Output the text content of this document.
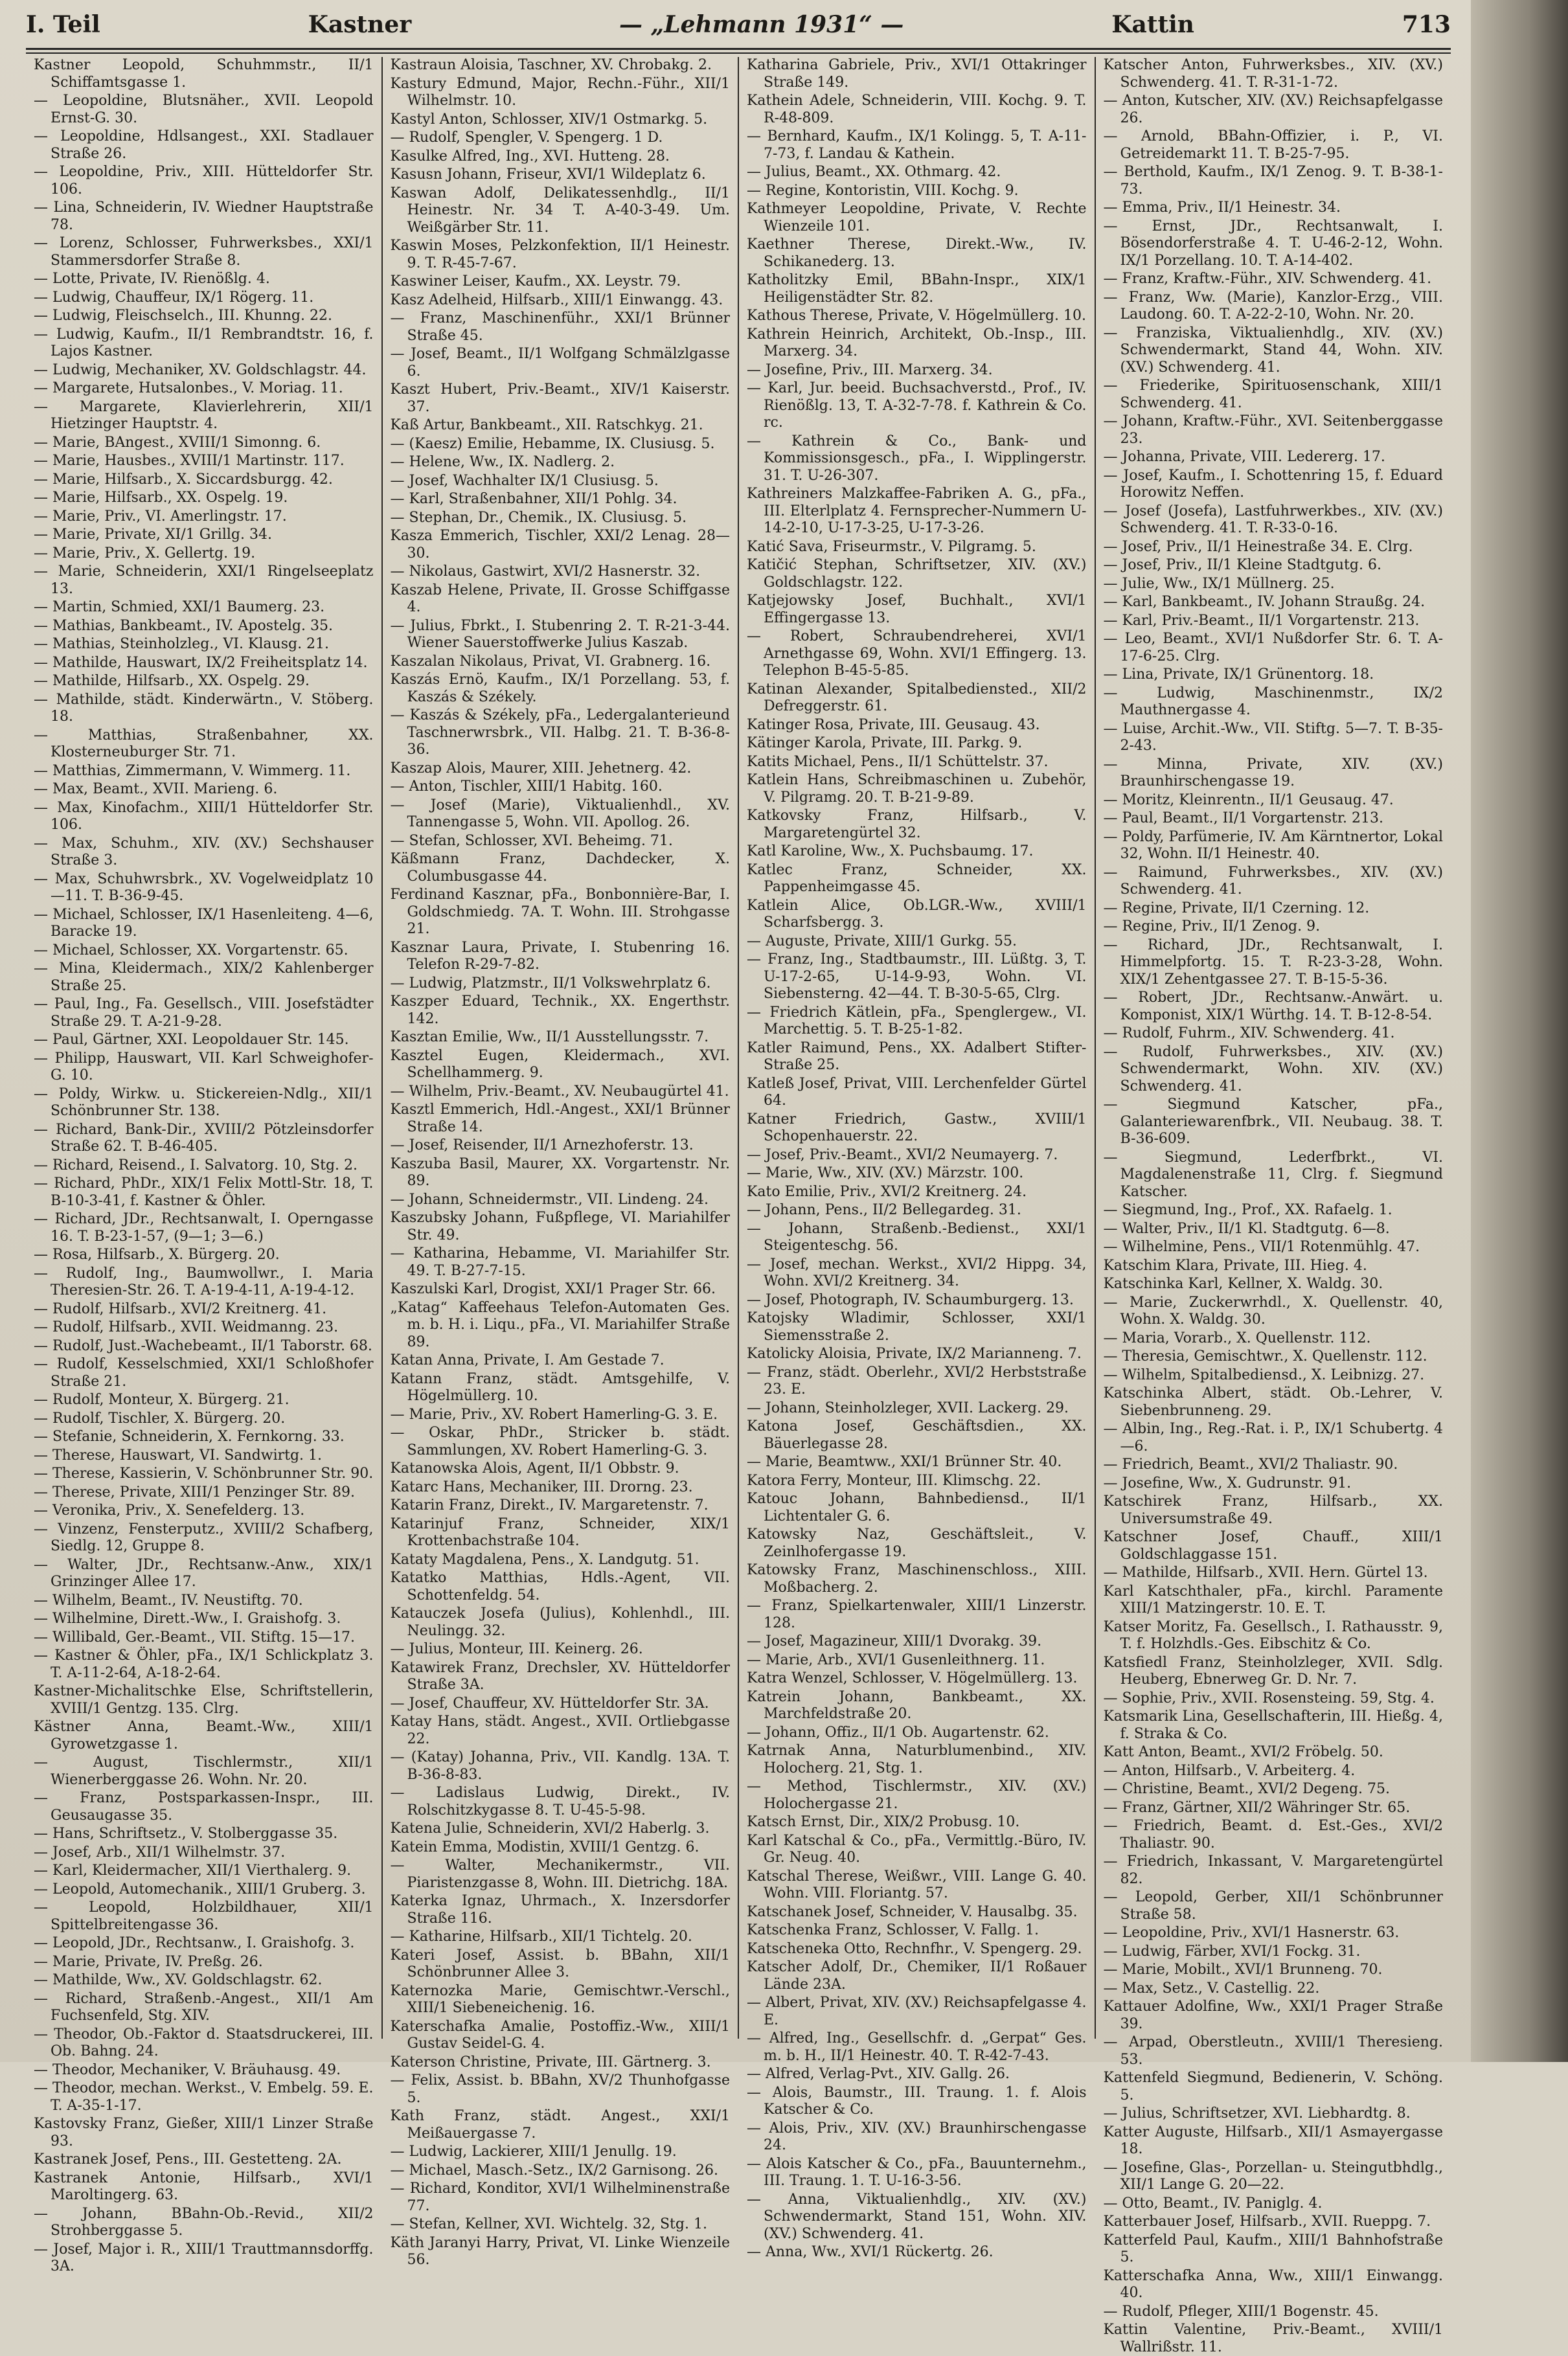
I. Teil	Kastner	— „Lehmann 1931“ —	Kattin	713
Kastner Leopold, Schuhmmstr., II/1 Schiffamtsgasse 1.
— Leopoldine, Blutsnäher., XVII. Leopold Ernst-G. 30.
— Leopoldine, Hdlsangest., XXI. Stadlauer Straße 26.
— Leopoldine, Priv., XIII. Hütteldorfer Str. 106.
— Lina, Schneiderin, IV. Wiedner Hauptstraße 78.
— Lorenz, Schlosser, Fuhrwerksbes., XXI/1 Stammersdorfer Straße 8.
— Lotte, Private, IV. Rienößlg. 4.
— Ludwig, Chauffeur, IX/1 Rögerg. 11.
— Ludwig, Fleischselch., III. Khunng. 22.
— Ludwig, Kaufm., II/1 Rembrandtstr. 16, f. Lajos Kastner.
— Ludwig, Mechaniker, XV. Goldschlagstr. 44.
— Margarete, Hutsalonbes., V. Moriag. 11.
— Margarete, Klavierlehrerin, XII/1 Hietzinger Hauptstr. 4.
— Marie, BAngest., XVIII/1 Simonng. 6.
— Marie, Hausbes., XVIII/1 Martinstr. 117.
— Marie, Hilfsarb., X. Siccardsburgg. 42.
— Marie, Hilfsarb., XX. Ospelg. 19.
— Marie, Priv., VI. Amerlingstr. 17.
— Marie, Private, XI/1 Grillg. 34.
— Marie, Priv., X. Gellertg. 19.
— Marie, Schneiderin, XXI/1 Ringelseeplatz 13.
— Martin, Schmied, XXI/1 Baumerg. 23.
— Mathias, Bankbeamt., IV. Apostelg. 35.
— Mathias, Steinholzleg., VI. Klausg. 21.
— Mathilde, Hauswart, IX/2 Freiheitsplatz 14.
— Mathilde, Hilfsarb., XX. Ospelg. 29.
— Mathilde, städt. Kinderwärtn., V. Stöberg. 18.
— Matthias, Straßenbahner, XX. Klosterneuburger Str. 71.
— Matthias, Zimmermann, V. Wimmerg. 11.
— Max, Beamt., XVII. Marieng. 6.
— Max, Kinofachm., XIII/1 Hütteldorfer Str. 106.
— Max, Schuhm., XIV. (XV.) Sechshauser Straße 3.
— Max, Schuhwrsbrk., XV. Vogelweidplatz 10—11. T. B-36-9-45.
— Michael, Schlosser, IX/1 Hasenleiteng. 4—6, Baracke 19.
— Michael, Schlosser, XX. Vorgartenstr. 65.
— Mina, Kleidermach., XIX/2 Kahlenberger Straße 25.
— Paul, Ing., Fa. Gesellsch., VIII. Josefstädter Straße 29. T. A-21-9-28.
— Paul, Gärtner, XXI. Leopoldauer Str. 145.
— Philipp, Hauswart, VII. Karl Schweighofer-G. 10.
— Poldy, Wirkw. u. Stickereien-Ndlg., XII/1 Schönbrunner Str. 138.
— Richard, Bank-Dir., XVIII/2 Pötzleinsdorfer Straße 62. T. B-46-405.
— Richard, Reisend., I. Salvatorg. 10, Stg. 2.
— Richard, PhDr., XIX/1 Felix Mottl-Str. 18, T. B-10-3-41, f. Kastner & Öhler.
— Richard, JDr., Rechtsanwalt, I. Operngasse 16. T. B-23-1-57, (9—1; 3—6.)
— Rosa, Hilfsarb., X. Bürgerg. 20.
— Rudolf, Ing., Baumwollwr., I. Maria Theresien-Str. 26. T. A-19-4-11, A-19-4-12.
— Rudolf, Hilfsarb., XVI/2 Kreitnerg. 41.
— Rudolf, Hilfsarb., XVII. Weidmanng. 23.
— Rudolf, Just.-Wachebeamt., II/1 Taborstr. 68.
— Rudolf, Kesselschmied, XXI/1 Schloßhofer Straße 21.
— Rudolf, Monteur, X. Bürgerg. 21.
— Rudolf, Tischler, X. Bürgerg. 20.
— Stefanie, Schneiderin, X. Fernkorng. 33.
— Therese, Hauswart, VI. Sandwirtg. 1.
— Therese, Kassierin, V. Schönbrunner Str. 90.
— Therese, Private, XIII/1 Penzinger Str. 89.
— Veronika, Priv., X. Senefelderg. 13.
— Vinzenz, Fensterputz., XVIII/2 Schafberg, Siedlg. 12, Gruppe 8.
— Walter, JDr., Rechtsanw.-Anw., XIX/1 Grinzinger Allee 17.
— Wilhelm, Beamt., IV. Neustiftg. 70.
— Wilhelmine, Dirett.-Ww., I. Graishofg. 3.
— Willibald, Ger.-Beamt., VII. Stiftg. 15—17.
— Kastner & Öhler, pFa., IX/1 Schlickplatz 3. T. A-11-2-64, A-18-2-64.
Kastner-Michalitschke Else, Schriftstellerin, XVIII/1 Gentzg. 135. Clrg.
Kästner Anna, Beamt.-Ww., XIII/1 Gyrowetzgasse 1.
— August, Tischlermstr., XII/1 Wienerberggasse 26. Wohn. Nr. 20.
— Franz, Postsparkassen-Inspr., III. Geusaugasse 35.
— Hans, Schriftsetz., V. Stolberggasse 35.
— Josef, Arb., XII/1 Wilhelmstr. 37.
— Karl, Kleidermacher, XII/1 Vierthalerg. 9.
— Leopold, Automechanik., XIII/1 Gruberg. 3.
— Leopold, Holzbildhauer, XII/1 Spittelbreitengasse 36.
— Leopold, JDr., Rechtsanw., I. Graishofg. 3.
— Marie, Private, IV. Preßg. 26.
— Mathilde, Ww., XV. Goldschlagstr. 62.
— Richard, Straßenb.-Angest., XII/1 Am Fuchsenfeld, Stg. XIV.
— Theodor, Ob.-Faktor d. Staatsdruckerei, III. Ob. Bahng. 24.
— Theodor, Mechaniker, V. Bräuhausg. 49.
— Theodor, mechan. Werkst., V. Embelg. 59. E. T. A-35-1-17.
Kastovsky Franz, Gießer, XIII/1 Linzer Straße 93.
Kastranek Josef, Pens., III. Gestetteng. 2A.
Kastranek Antonie, Hilfsarb., XVI/1 Maroltingerg. 63.
— Johann, BBahn-Ob.-Revid., XII/2 Strohberggasse 5.
— Josef, Major i. R., XIII/1 Trauttmannsdorffg. 3A.
Kastraun Aloisia, Taschner, XV. Chrobakg. 2.
Kastury Edmund, Major, Rechn.-Führ., XII/1 Wilhelmstr. 10.
Kastyl Anton, Schlosser, XIV/1 Ostmarkg. 5.
— Rudolf, Spengler, V. Spengerg. 1 D.
Kasulke Alfred, Ing., XVI. Hutteng. 28.
Kasusn Johann, Friseur, XVI/1 Wildeplatz 6.
Kaswan Adolf, Delikatessenhdlg., II/1 Heinestr. Nr. 34 T. A-40-3-49. Um. Weißgärber Str. 11.
Kaswin Moses, Pelzkonfektion, II/1 Heinestr. 9. T. R-45-7-67.
Kaswiner Leiser, Kaufm., XX. Leystr. 79.
Kasz Adelheid, Hilfsarb., XIII/1 Einwangg. 43.
— Franz, Maschinenführ., XXI/1 Brünner Straße 45.
— Josef, Beamt., II/1 Wolfgang Schmälzlgasse 6.
Kaszt Hubert, Priv.-Beamt., XIV/1 Kaiserstr. 37.
Kaß Artur, Bankbeamt., XII. Ratschkyg. 21.
— (Kaesz) Emilie, Hebamme, IX. Clusiusg. 5.
— Helene, Ww., IX. Nadlerg. 2.
— Josef, Wachhalter IX/1 Clusiusg. 5.
— Karl, Straßenbahner, XII/1 Pohlg. 34.
— Stephan, Dr., Chemik., IX. Clusiusg. 5.
Kasza Emmerich, Tischler, XXI/2 Lenag. 28—30.
— Nikolaus, Gastwirt, XVI/2 Hasnerstr. 32.
Kaszab Helene, Private, II. Grosse Schiffgasse 4.
— Julius, Fbrkt., I. Stubenring 2. T. R-21-3-44. Wiener Sauerstoffwerke Julius Kaszab.
Kaszalan Nikolaus, Privat, VI. Grabnerg. 16.
Kaszás Ernö, Kaufm., IX/1 Porzellang. 53, f. Kaszás & Székely.
— Kaszás & Székely, pFa., Ledergalanterieund Taschnerwrsbrk., VII. Halbg. 21. T. B-36-8-36.
Kaszap Alois, Maurer, XIII. Jehetnerg. 42.
— Anton, Tischler, XIII/1 Habitg. 160.
— Josef (Marie), Viktualienhdl., XV. Tannengasse 5, Wohn. VII. Apollog. 26.
— Stefan, Schlosser, XVI. Beheimg. 71.
Käßmann Franz, Dachdecker, X. Columbusgasse 44.
Ferdinand Kasznar, pFa., Bonbonnière-Bar, I. Goldschmiedg. 7A. T. Wohn. III. Strohgasse 21.
Kasznar Laura, Private, I. Stubenring 16. Telefon R-29-7-82.
— Ludwig, Platzmstr., II/1 Volkswehrplatz 6.
Kaszper Eduard, Technik., XX. Engerthstr. 142.
Kasztan Emilie, Ww., II/1 Ausstellungsstr. 7.
Kasztel Eugen, Kleidermach., XVI. Schellhammerg. 9.
— Wilhelm, Priv.-Beamt., XV. Neubaugürtel 41.
Kasztl Emmerich, Hdl.-Angest., XXI/1 Brünner Straße 14.
— Josef, Reisender, II/1 Arnezhoferstr. 13.
Kaszuba Basil, Maurer, XX. Vorgartenstr. Nr. 89.
— Johann, Schneidermstr., VII. Lindeng. 24.
Kaszubsky Johann, Fußpflege, VI. Mariahilfer Str. 49.
— Katharina, Hebamme, VI. Mariahilfer Str. 49. T. B-27-7-15.
Kaszulski Karl, Drogist, XXI/1 Prager Str. 66.
„Katag“ Kaffeehaus Telefon-Automaten Ges. m. b. H. i. Liqu., pFa., VI. Mariahilfer Straße 89.
Katan Anna, Private, I. Am Gestade 7.
Katann Franz, städt. Amtsgehilfe, V. Högelmüllerg. 10.
— Marie, Priv., XV. Robert Hamerling-G. 3. E.
— Oskar, PhDr., Stricker b. städt. Sammlungen, XV. Robert Hamerling-G. 3.
Katanowska Alois, Agent, II/1 Obbstr. 9.
Katarc Hans, Mechaniker, III. Drorng. 23.
Katarin Franz, Direkt., IV. Margaretenstr. 7.
Katarinjuf Franz, Schneider, XIX/1 Krottenbachstraße 104.
Kataty Magdalena, Pens., X. Landgutg. 51.
Katatko Matthias, Hdls.-Agent, VII. Schottenfeldg. 54.
Katauczek Josefa (Julius), Kohlenhdl., III. Neulingg. 32.
— Julius, Monteur, III. Keinerg. 26.
Katawirek Franz, Drechsler, XV. Hütteldorfer Straße 3A.
— Josef, Chauffeur, XV. Hütteldorfer Str. 3A.
Katay Hans, städt. Angest., XVII. Ortliebgasse 22.
— (Katay) Johanna, Priv., VII. Kandlg. 13A. T. B-36-8-83.
— Ladislaus Ludwig, Direkt., IV. Rolschitzkygasse 8. T. U-45-5-98.
Katena Julie, Schneiderin, XVI/2 Haberlg. 3.
Katein Emma, Modistin, XVIII/1 Gentzg. 6.
— Walter, Mechanikermstr., VII. Piaristenzgasse 8, Wohn. III. Dietrichg. 18A.
Katerka Ignaz, Uhrmach., X. Inzersdorfer Straße 116.
— Katharine, Hilfsarb., XII/1 Tichtelg. 20.
Kateri Josef, Assist. b. BBahn, XII/1 Schönbrunner Allee 3.
Katernozka Marie, Gemischtwr.-Verschl., XIII/1 Siebeneichenig. 16.
Katerschafka Amalie, Postoffiz.-Ww., XIII/1 Gustav Seidel-G. 4.
Katerson Christine, Private, III. Gärtnerg. 3.
— Felix, Assist. b. BBahn, XV/2 Thunhofgasse 5.
Kath Franz, städt. Angest., XXI/1 Meißauergasse 7.
— Ludwig, Lackierer, XIII/1 Jenullg. 19.
— Michael, Masch.-Setz., IX/2 Garnisong. 26.
— Richard, Konditor, XVI/1 Wilhelminenstraße 77.
— Stefan, Kellner, XVI. Wichtelg. 32, Stg. 1.
Käth Jaranyi Harry, Privat, VI. Linke Wienzeile 56.
Katharina Gabriele, Priv., XVI/1 Ottakringer Straße 149.
Kathein Adele, Schneiderin, VIII. Kochg. 9. T. R-48-809.
— Bernhard, Kaufm., IX/1 Kolingg. 5, T. A-11-7-73, f. Landau & Kathein.
— Julius, Beamt., XX. Othmarg. 42.
— Regine, Kontoristin, VIII. Kochg. 9.
Kathmeyer Leopoldine, Private, V. Rechte Wienzeile 101.
Kaethner Therese, Direkt.-Ww., IV. Schikanederg. 13.
Katholitzky Emil, BBahn-Inspr., XIX/1 Heiligenstädter Str. 82.
Kathous Therese, Private, V. Högelmüllerg. 10.
Kathrein Heinrich, Architekt, Ob.-Insp., III. Marxerg. 34.
— Josefine, Priv., III. Marxerg. 34.
— Karl, Jur. beeid. Buchsachverstd., Prof., IV. Rienößlg. 13, T. A-32-7-78. f. Kathrein & Co. rc.
— Kathrein & Co., Bank- und Kommissionsgesch., pFa., I. Wipplingerstr. 31. T. U-26-307.
Kathreiners Malzkaffee-Fabriken A. G., pFa., III. Elterlplatz 4. Fernsprecher-Nummern U-14-2-10, U-17-3-25, U-17-3-26.
Katić Sava, Friseurmstr., V. Pilgramg. 5.
Katičić Stephan, Schriftsetzer, XIV. (XV.) Goldschlagstr. 122.
Katjejowsky Josef, Buchhalt., XVI/1 Effingergasse 13.
— Robert, Schraubendreherei, XVI/1 Arnethgasse 69, Wohn. XVI/1 Effingerg. 13. Telephon B-45-5-85.
Katinan Alexander, Spitalbediensted., XII/2 Defreggerstr. 61.
Katinger Rosa, Private, III. Geusaug. 43.
Kätinger Karola, Private, III. Parkg. 9.
Katits Michael, Pens., II/1 Schüttelstr. 37.
Katlein Hans, Schreibmaschinen u. Zubehör, V. Pilgramg. 20. T. B-21-9-89.
Katkovsky Franz, Hilfsarb., V. Margaretengürtel 32.
Katl Karoline, Ww., X. Puchsbaumg. 17.
Katlec Franz, Schneider, XX. Pappenheimgasse 45.
Katlein Alice, Ob.LGR.-Ww., XVIII/1 Scharfsbergg. 3.
— Auguste, Private, XIII/1 Gurkg. 55.
— Franz, Ing., Stadtbaumstr., III. Lüßtg. 3, T. U-17-2-65, U-14-9-93, Wohn. VI. Siebensterng. 42—44. T. B-30-5-65, Clrg.
— Friedrich Kätlein, pFa., Spenglergew., VI. Marchettig. 5. T. B-25-1-82.
Katler Raimund, Pens., XX. Adalbert Stifter-Straße 25.
Katleß Josef, Privat, VIII. Lerchenfelder Gürtel 64.
Katner Friedrich, Gastw., XVIII/1 Schopenhauerstr. 22.
— Josef, Priv.-Beamt., XVI/2 Neumayerg. 7.
— Marie, Ww., XIV. (XV.) Märzstr. 100.
Kato Emilie, Priv., XVI/2 Kreitnerg. 24.
— Johann, Pens., II/2 Bellegardeg. 31.
— Johann, Straßenb.-Bedienst., XXI/1 Steigenteschg. 56.
— Josef, mechan. Werkst., XVI/2 Hippg. 34, Wohn. XVI/2 Kreitnerg. 34.
— Josef, Photograph, IV. Schaumburgerg. 13.
Katojsky Wladimir, Schlosser, XXI/1 Siemensstraße 2.
Katolicky Aloisia, Private, IX/2 Marianneng. 7.
— Franz, städt. Oberlehr., XVI/2 Herbststraße 23. E.
— Johann, Steinholzleger, XVII. Lackerg. 29.
Katona Josef, Geschäftsdien., XX. Bäuerlegasse 28.
— Marie, Beamtww., XXI/1 Brünner Str. 40.
Katora Ferry, Monteur, III. Klimschg. 22.
Katouc Johann, Bahnbediensd., II/1 Lichtentaler G. 6.
Katowsky Naz, Geschäftsleit., V. Zeinlhofergasse 19.
Katowsky Franz, Maschinenschloss., XIII. Moßbacherg. 2.
— Franz, Spielkartenwaler, XIII/1 Linzerstr. 128.
— Josef, Magazineur, XIII/1 Dvorakg. 39.
— Marie, Arb., XVI/1 Gusenleithnerg. 11.
Katra Wenzel, Schlosser, V. Högelmüllerg. 13.
Katrein Johann, Bankbeamt., XX. Marchfeldstraße 20.
— Johann, Offiz., II/1 Ob. Augartenstr. 62.
Katrnak Anna, Naturblumenbind., XIV. Holocherg. 21, Stg. 1.
— Method, Tischlermstr., XIV. (XV.) Holochergasse 21.
Katsch Ernst, Dir., XIX/2 Probusg. 10.
Karl Katschal & Co., pFa., Vermittlg.-Büro, IV. Gr. Neug. 40.
Katschal Therese, Weißwr., VIII. Lange G. 40. Wohn. VIII. Floriantg. 57.
Katschanek Josef, Schneider, V. Hausalbg. 35.
Katschenka Franz, Schlosser, V. Fallg. 1.
Katscheneka Otto, Rechnfhr., V. Spengerg. 29.
Katscher Adolf, Dr., Chemiker, II/1 Roßauer Lände 23A.
— Albert, Privat, XIV. (XV.) Reichsapfelgasse 4. E.
— Alfred, Ing., Gesellschfr. d. „Gerpat“ Ges. m. b. H., II/1 Heinestr. 40. T. R-42-7-43.
— Alfred, Verlag-Pvt., XIV. Gallg. 26.
— Alois, Baumstr., III. Traung. 1. f. Alois Katscher & Co.
— Alois, Priv., XIV. (XV.) Braunhirschengasse 24.
— Alois Katscher & Co., pFa., Bauunternehm., III. Traung. 1. T. U-16-3-56.
— Anna, Viktualienhdlg., XIV. (XV.) Schwendermarkt, Stand 151, Wohn. XIV. (XV.) Schwenderg. 41.
— Anna, Ww., XVI/1 Rückertg. 26.
Katscher Anton, Fuhrwerksbes., XIV. (XV.) Schwenderg. 41. T. R-31-1-72.
— Anton, Kutscher, XIV. (XV.) Reichsapfelgasse 26.
— Arnold, BBahn-Offizier, i. P., VI. Getreidemarkt 11. T. B-25-7-95.
— Berthold, Kaufm., IX/1 Zenog. 9. T. B-38-1-73.
— Emma, Priv., II/1 Heinestr. 34.
— Ernst, JDr., Rechtsanwalt, I. Bösendorferstraße 4. T. U-46-2-12, Wohn. IX/1 Porzellang. 10. T. A-14-402.
— Franz, Kraftw.-Führ., XIV. Schwenderg. 41.
— Franz, Ww. (Marie), Kanzlor-Erzg., VIII. Laudong. 60. T. A-22-2-10, Wohn. Nr. 20.
— Franziska, Viktualienhdlg., XIV. (XV.) Schwendermarkt, Stand 44, Wohn. XIV. (XV.) Schwenderg. 41.
— Friederike, Spirituosenschank, XIII/1 Schwenderg. 41.
— Johann, Kraftw.-Führ., XVI. Seitenberggasse 23.
— Johanna, Private, VIII. Ledererg. 17.
— Josef, Kaufm., I. Schottenring 15, f. Eduard Horowitz Neffen.
— Josef (Josefa), Lastfuhrwerkbes., XIV. (XV.) Schwenderg. 41. T. R-33-0-16.
— Josef, Priv., II/1 Heinestraße 34. E. Clrg.
— Josef, Priv., II/1 Kleine Stadtgutg. 6.
— Julie, Ww., IX/1 Müllnerg. 25.
— Karl, Bankbeamt., IV. Johann Straußg. 24.
— Karl, Priv.-Beamt., II/1 Vorgartenstr. 213.
— Leo, Beamt., XVI/1 Nußdorfer Str. 6. T. A-17-6-25. Clrg.
— Lina, Private, IX/1 Grünentorg. 18.
— Ludwig, Maschinenmstr., IX/2 Mauthnergasse 4.
— Luise, Archit.-Ww., VII. Stiftg. 5—7. T. B-35-2-43.
— Minna, Private, XIV. (XV.) Braunhirschengasse 19.
— Moritz, Kleinrentn., II/1 Geusaug. 47.
— Paul, Beamt., II/1 Vorgartenstr. 213.
— Poldy, Parfümerie, IV. Am Kärntnertor, Lokal 32, Wohn. II/1 Heinestr. 40.
— Raimund, Fuhrwerksbes., XIV. (XV.) Schwenderg. 41.
— Regine, Private, II/1 Czerning. 12.
— Regine, Priv., II/1 Zenog. 9.
— Richard, JDr., Rechtsanwalt, I. Himmelpfortg. 15. T. R-23-3-28, Wohn. XIX/1 Zehentgassee 27. T. B-15-5-36.
— Robert, JDr., Rechtsanw.-Anwärt. u. Komponist, XIX/1 Würthg. 14. T. B-12-8-54.
— Rudolf, Fuhrm., XIV. Schwenderg. 41.
— Rudolf, Fuhrwerksbes., XIV. (XV.) Schwendermarkt, Wohn. XIV. (XV.) Schwenderg. 41.
— Siegmund Katscher, pFa., Galanteriewarenfbrk., VII. Neubaug. 38. T. B-36-609.
— Siegmund, Lederfbrkt., VI. Magdalenenstraße 11, Clrg. f. Siegmund Katscher.
— Siegmund, Ing., Prof., XX. Rafaelg. 1.
— Walter, Priv., II/1 Kl. Stadtgutg. 6—8.
— Wilhelmine, Pens., VII/1 Rotenmühlg. 47.
Katschim Klara, Private, III. Hieg. 4.
Katschinka Karl, Kellner, X. Waldg. 30.
— Marie, Zuckerwrhdl., X. Quellenstr. 40, Wohn. X. Waldg. 30.
— Maria, Vorarb., X. Quellenstr. 112.
— Theresia, Gemischtwr., X. Quellenstr. 112.
— Wilhelm, Spitalbediensd., X. Leibnizg. 27.
Katschinka Albert, städt. Ob.-Lehrer, V. Siebenbrunneng. 29.
— Albin, Ing., Reg.-Rat. i. P., IX/1 Schubertg. 4—6.
— Friedrich, Beamt., XVI/2 Thaliastr. 90.
— Josefine, Ww., X. Gudrunstr. 91.
Katschirek Franz, Hilfsarb., XX. Universumstraße 49.
Katschner Josef, Chauff., XIII/1 Goldschlaggasse 151.
— Mathilde, Hilfsarb., XVII. Hern. Gürtel 13.
Karl Katschthaler, pFa., kirchl. Paramente XIII/1 Matzingerstr. 10. E. T.
Katser Moritz, Fa. Gesellsch., I. Rathausstr. 9, T. f. Holzhdls.-Ges. Eibschitz & Co.
Katsfiedl Franz, Steinholzleger, XVII. Sdlg. Heuberg, Ebnerweg Gr. D. Nr. 7.
— Sophie, Priv., XVII. Rosensteing. 59, Stg. 4.
Katsmarik Lina, Gesellschafterin, III. Hießg. 4, f. Straka & Co.
Katt Anton, Beamt., XVI/2 Fröbelg. 50.
— Anton, Hilfsarb., V. Arbeiterg. 4.
— Christine, Beamt., XVI/2 Degeng. 75.
— Franz, Gärtner, XII/2 Währinger Str. 65.
— Friedrich, Beamt. d. Est.-Ges., XVI/2 Thaliastr. 90.
— Friedrich, Inkassant, V. Margaretengürtel 82.
— Leopold, Gerber, XII/1 Schönbrunner Straße 58.
— Leopoldine, Priv., XVI/1 Hasnerstr. 63.
— Ludwig, Färber, XVI/1 Fockg. 31.
— Marie, Mobilt., XVI/1 Brunneng. 70.
— Max, Setz., V. Castellig. 22.
Kattauer Adolfine, Ww., XXI/1 Prager Straße 39.
— Arpad, Oberstleutn., XVIII/1 Theresieng. 53.
Kattenfeld Siegmund, Bedienerin, V. Schöng. 5.
— Julius, Schriftsetzer, XVI. Liebhardtg. 8.
Katter Auguste, Hilfsarb., XII/1 Asmayergasse 18.
— Josefine, Glas-, Porzellan- u. Steingutbhdlg., XII/1 Lange G. 20—22.
— Otto, Beamt., IV. Paniglg. 4.
Katterbauer Josef, Hilfsarb., XVII. Rueppg. 7.
Katterfeld Paul, Kaufm., XIII/1 Bahnhofstraße 5.
Katterschafka Anna, Ww., XIII/1 Einwangg. 40.
— Rudolf, Pfleger, XIII/1 Bogenstr. 45.
Kattin Valentine, Priv.-Beamt., XVIII/1 Wallrißstr. 11.
